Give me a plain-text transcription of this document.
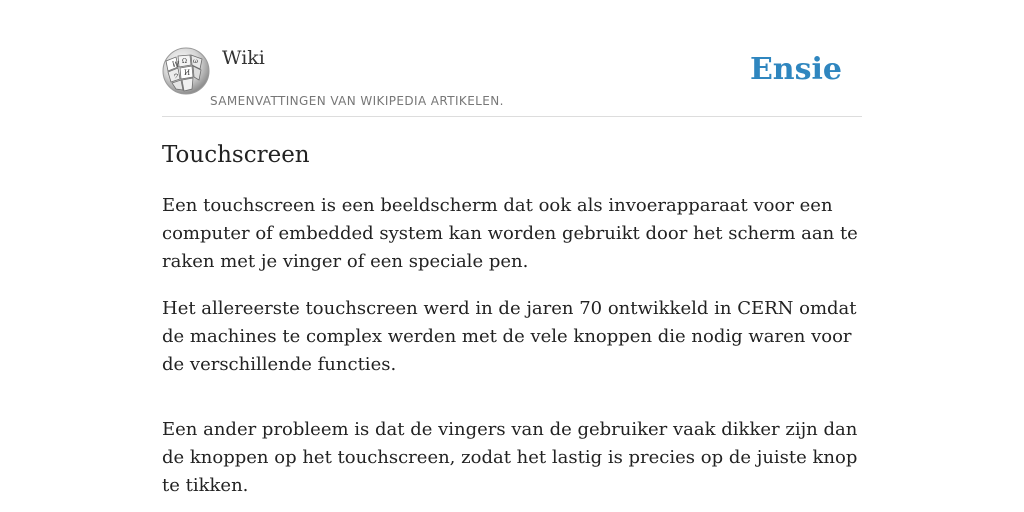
W Ω
И
ウ
ω Wiki
SAMENVATTINGEN VAN WIKIPEDIA ARTIKELEN.
Ensie
Touchscreen

Een touchscreen is een beeldscherm dat ook als invoerapparaat voor een computer of embedded system kan worden gebruikt door het scherm aan te raken met je vinger of een speciale pen.

Het allereerste touchscreen werd in de jaren 70 ontwikkeld in CERN omdat de machines te complex werden met de vele knoppen die nodig waren voor de verschillende functies.

Een ander probleem is dat de vingers van de gebruiker vaak dikker zijn dan de knoppen op het touchscreen, zodat het lastig is precies op de juiste knop te tikken.
